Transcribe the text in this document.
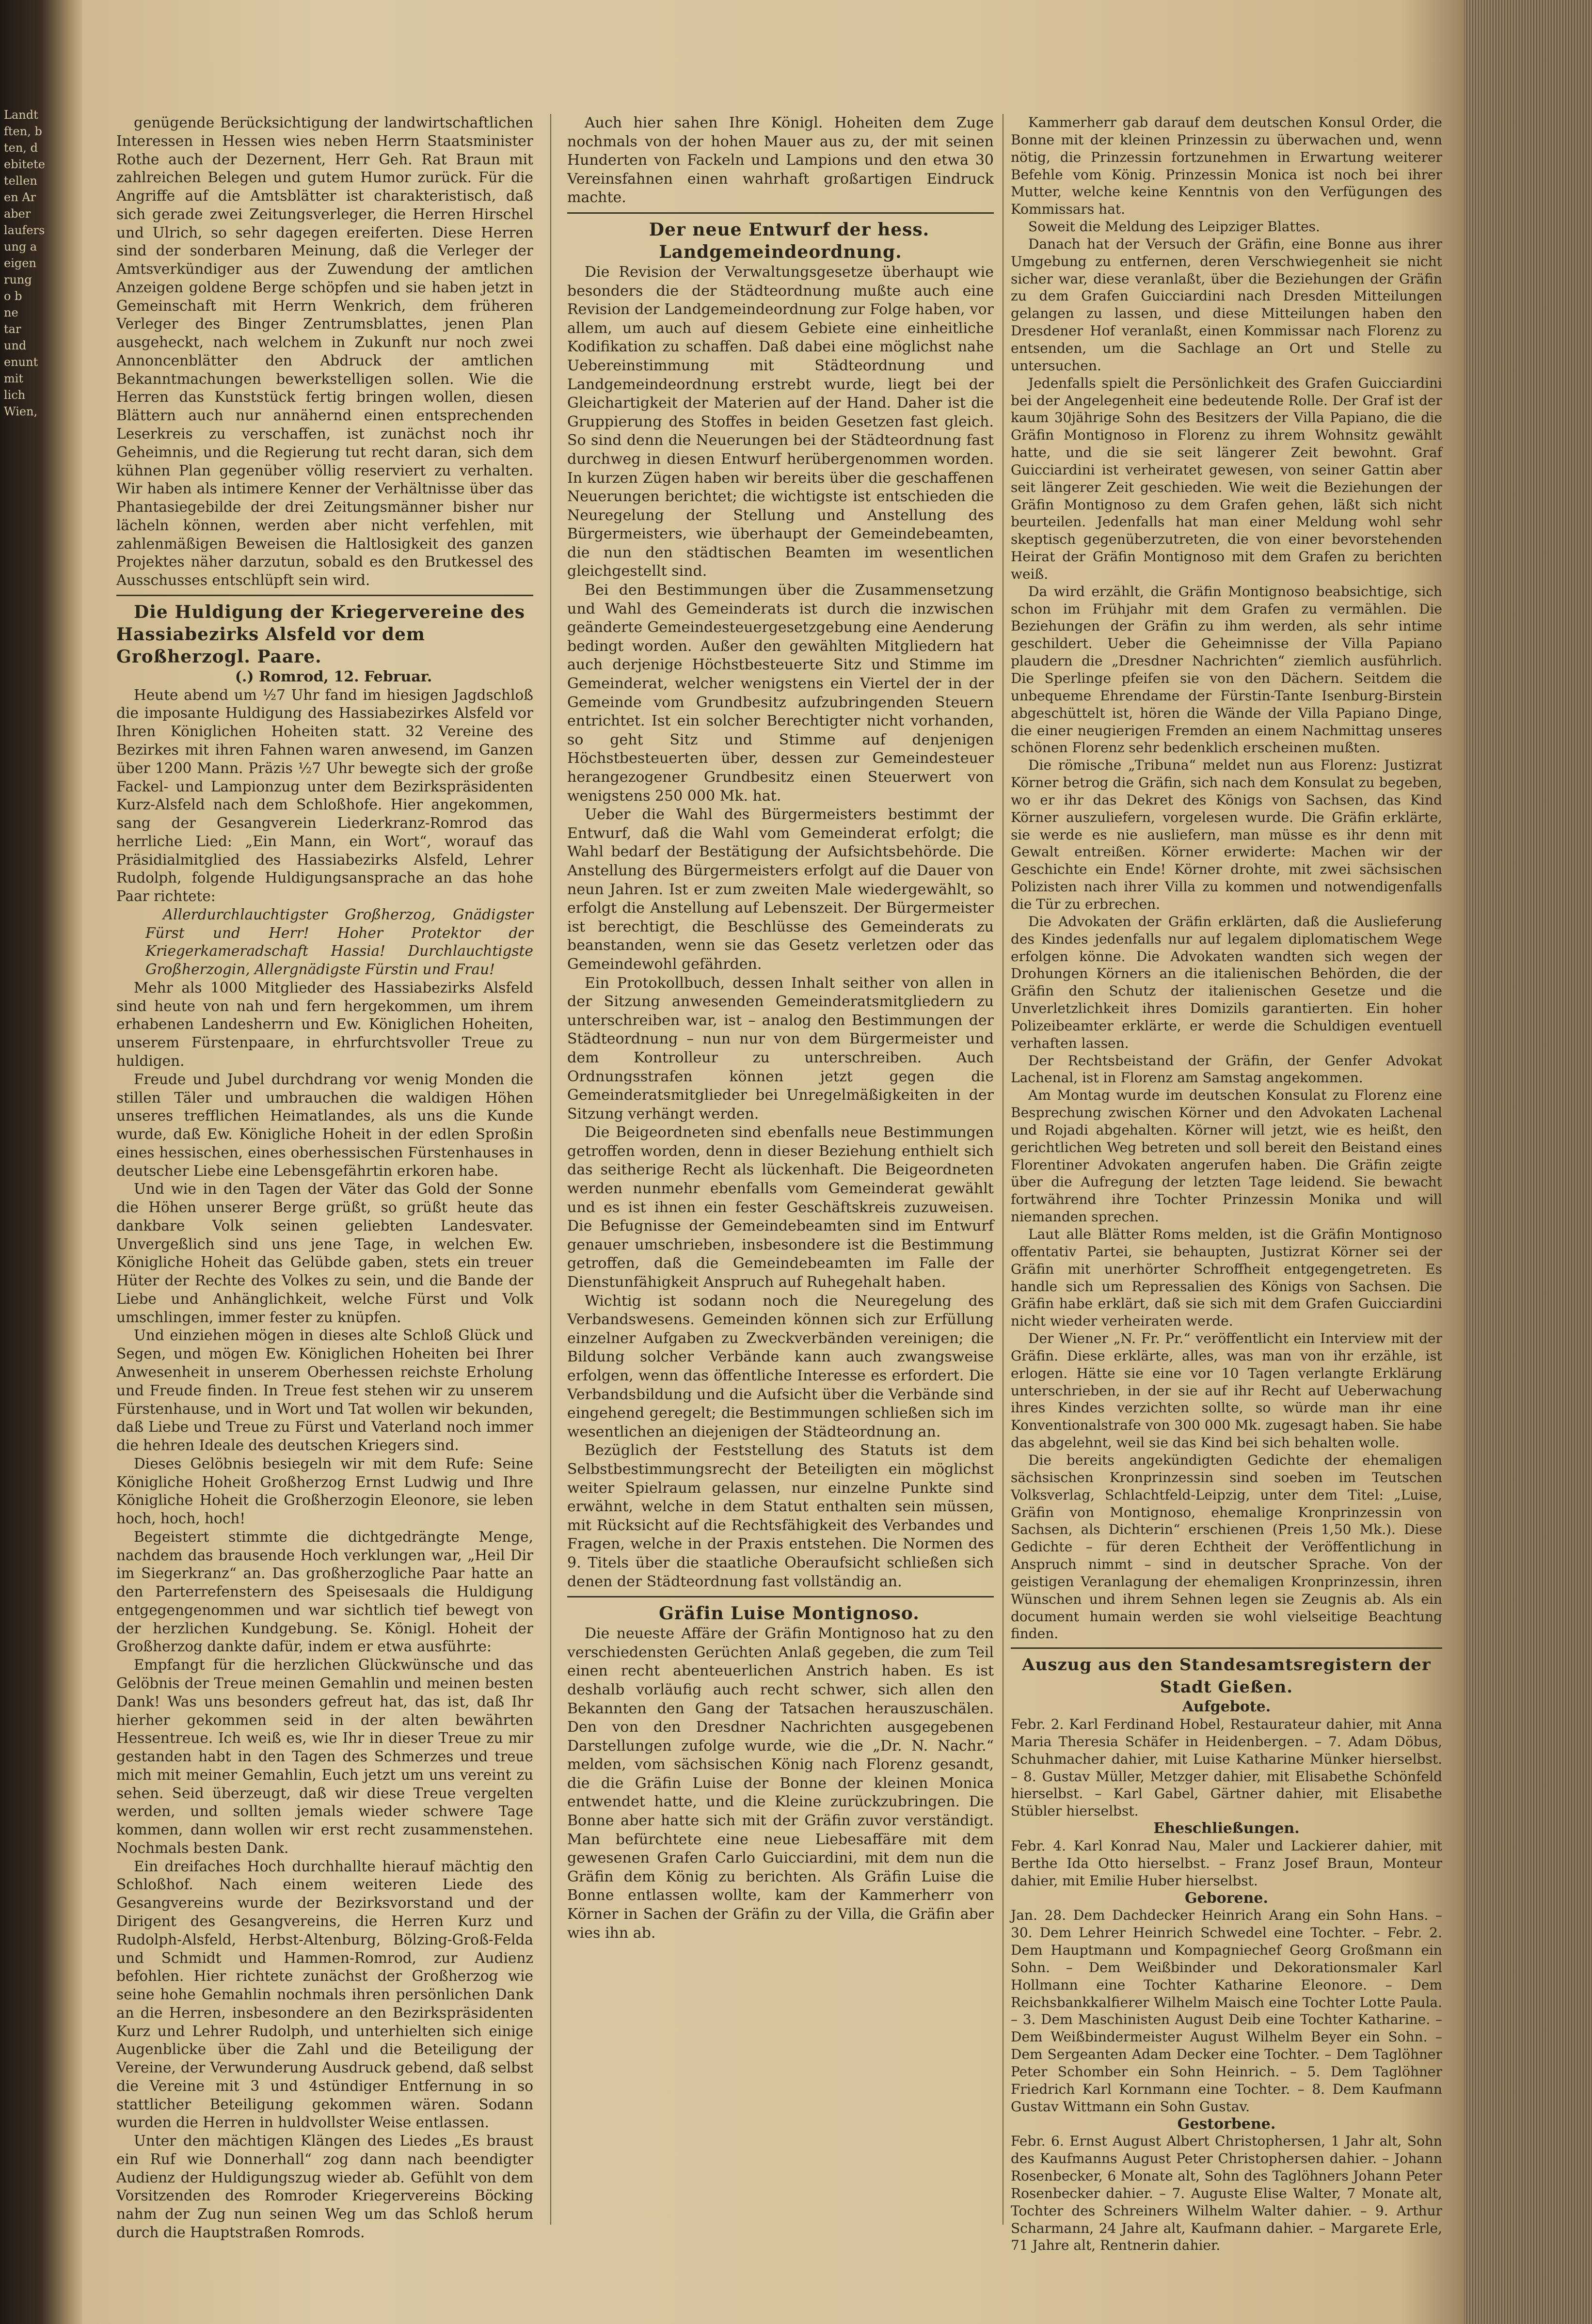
Landt
ften, b
ten, d
ebitete
tellen
en Ar
aber
laufers
ung a
eigen
rung
o b
ne
tar
und
enunt
mit
lich
Wien,

genügende Berücksichtigung der landwirtschaftlichen Interessen in Hessen wies neben Herrn Staatsminister Rothe auch der Dezernent, Herr Geh. Rat Braun mit zahlreichen Belegen und gutem Humor zurück. Für die Angriffe auf die Amtsblätter ist charakteristisch, daß sich gerade zwei Zeitungsverleger, die Herren Hirschel und Ulrich, so sehr dagegen ereiferten. Diese Herren sind der sonderbaren Meinung, daß die Verleger der Amtsverkündiger aus der Zuwendung der amtlichen Anzeigen goldene Berge schöpfen und sie haben jetzt in Gemeinschaft mit Herrn Wenkrich, dem früheren Verleger des Binger Zentrumsblattes, jenen Plan ausgeheckt, nach welchem in Zukunft nur noch zwei Annoncenblätter den Abdruck der amtlichen Bekanntmachungen bewerkstelligen sollen. Wie die Herren das Kunststück fertig bringen wollen, diesen Blättern auch nur annähernd einen entsprechenden Leserkreis zu verschaffen, ist zunächst noch ihr Geheimnis, und die Regierung tut recht daran, sich dem kühnen Plan gegenüber völlig reserviert zu verhalten. Wir haben als intimere Kenner der Verhältnisse über das Phantasiegebilde der drei Zeitungsmänner bisher nur lächeln können, werden aber nicht verfehlen, mit zahlenmäßigen Beweisen die Haltlosigkeit des ganzen Projektes näher darzutun, sobald es den Brutkessel des Ausschusses entschlüpft sein wird.

Die Huldigung der Kriegervereine des Hassiabezirks Alsfeld vor dem Großherzogl. Paare.

(.) Romrod, 12. Februar.

Heute abend um ½7 Uhr fand im hiesigen Jagdschloß die imposante Huldigung des Hassiabezirkes Alsfeld vor Ihren Königlichen Hoheiten statt. 32 Vereine des Bezirkes mit ihren Fahnen waren anwesend, im Ganzen über 1200 Mann. Präzis ½7 Uhr bewegte sich der große Fackel- und Lampionzug unter dem Bezirkspräsidenten Kurz-Alsfeld nach dem Schloßhofe. Hier angekommen, sang der Gesangverein Liederkranz-Romrod das herrliche Lied: „Ein Mann, ein Wort“, worauf das Präsidialmitglied des Hassiabezirks Alsfeld, Lehrer Rudolph, folgende Huldigungsansprache an das hohe Paar richtete:

Allerdurchlauchtigster Großherzog, Gnädigster Fürst und Herr! Hoher Protektor der Kriegerkameradschaft Hassia! Durchlauchtigste Großherzogin, Allergnädigste Fürstin und Frau!

Mehr als 1000 Mitglieder des Hassiabezirks Alsfeld sind heute von nah und fern hergekommen, um ihrem erhabenen Landesherrn und Ew. Königlichen Hoheiten, unserem Fürstenpaare, in ehrfurchtsvoller Treue zu huldigen.

Freude und Jubel durchdrang vor wenig Monden die stillen Täler und umbrauchen die waldigen Höhen unseres trefflichen Heimatlandes, als uns die Kunde wurde, daß Ew. Königliche Hoheit in der edlen Sproßin eines hessischen, eines oberhessischen Fürstenhauses in deutscher Liebe eine Lebensgefährtin erkoren habe.

Und wie in den Tagen der Väter das Gold der Sonne die Höhen unserer Berge grüßt, so grüßt heute das dankbare Volk seinen geliebten Landesvater. Unvergeßlich sind uns jene Tage, in welchen Ew. Königliche Hoheit das Gelübde gaben, stets ein treuer Hüter der Rechte des Volkes zu sein, und die Bande der Liebe und Anhänglichkeit, welche Fürst und Volk umschlingen, immer fester zu knüpfen.

Und einziehen mögen in dieses alte Schloß Glück und Segen, und mögen Ew. Königlichen Hoheiten bei Ihrer Anwesenheit in unserem Oberhessen reichste Erholung und Freude finden. In Treue fest stehen wir zu unserem Fürstenhause, und in Wort und Tat wollen wir bekunden, daß Liebe und Treue zu Fürst und Vaterland noch immer die hehren Ideale des deutschen Kriegers sind.

Dieses Gelöbnis besiegeln wir mit dem Rufe: Seine Königliche Hoheit Großherzog Ernst Ludwig und Ihre Königliche Hoheit die Großherzogin Eleonore, sie leben hoch, hoch, hoch!

Begeistert stimmte die dichtgedrängte Menge, nachdem das brausende Hoch verklungen war, „Heil Dir im Siegerkranz“ an. Das großherzogliche Paar hatte an den Parterrefenstern des Speisesaals die Huldigung entgegengenommen und war sichtlich tief bewegt von der herzlichen Kundgebung. Se. Königl. Hoheit der Großherzog dankte dafür, indem er etwa ausführte:

Empfangt für die herzlichen Glückwünsche und das Gelöbnis der Treue meinen Gemahlin und meinen besten Dank! Was uns besonders gefreut hat, das ist, daß Ihr hierher gekommen seid in der alten bewährten Hessentreue. Ich weiß es, wie Ihr in dieser Treue zu mir gestanden habt in den Tagen des Schmerzes und treue mich mit meiner Gemahlin, Euch jetzt um uns vereint zu sehen. Seid überzeugt, daß wir diese Treue vergelten werden, und sollten jemals wieder schwere Tage kommen, dann wollen wir erst recht zusammenstehen. Nochmals besten Dank.

Ein dreifaches Hoch durchhallte hierauf mächtig den Schloßhof. Nach einem weiteren Liede des Gesangvereins wurde der Bezirksvorstand und der Dirigent des Gesangvereins, die Herren Kurz und Rudolph-Alsfeld, Herbst-Altenburg, Bölzing-Groß-Felda und Schmidt und Hammen-Romrod, zur Audienz befohlen. Hier richtete zunächst der Großherzog wie seine hohe Gemahlin nochmals ihren persönlichen Dank an die Herren, insbesondere an den Bezirkspräsidenten Kurz und Lehrer Rudolph, und unterhielten sich einige Augenblicke über die Zahl und die Beteiligung der Vereine, der Verwunderung Ausdruck gebend, daß selbst die Vereine mit 3 und 4stündiger Entfernung in so stattlicher Beteiligung gekommen wären. Sodann wurden die Herren in huldvollster Weise entlassen.

Unter den mächtigen Klängen des Liedes „Es braust ein Ruf wie Donnerhall“ zog dann nach beendigter Audienz der Huldigungszug wieder ab. Gefühlt von dem Vorsitzenden des Romroder Kriegervereins Böcking nahm der Zug nun seinen Weg um das Schloß herum durch die Hauptstraßen Romrods.

Auch hier sahen Ihre Königl. Hoheiten dem Zuge nochmals von der hohen Mauer aus zu, der mit seinen Hunderten von Fackeln und Lampions und den etwa 30 Vereinsfahnen einen wahrhaft großartigen Eindruck machte.

Der neue Entwurf der hess. Landgemeindeordnung.

Die Revision der Verwaltungsgesetze überhaupt wie besonders die der Städteordnung mußte auch eine Revision der Landgemeindeordnung zur Folge haben, vor allem, um auch auf diesem Gebiete eine einheitliche Kodifikation zu schaffen. Daß dabei eine möglichst nahe Uebereinstimmung mit Städteordnung und Landgemeindeordnung erstrebt wurde, liegt bei der Gleichartigkeit der Materien auf der Hand. Daher ist die Gruppierung des Stoffes in beiden Gesetzen fast gleich. So sind denn die Neuerungen bei der Städteordnung fast durchweg in diesen Entwurf herübergenommen worden. In kurzen Zügen haben wir bereits über die geschaffenen Neuerungen berichtet; die wichtigste ist entschieden die Neuregelung der Stellung und Anstellung des Bürgermeisters, wie überhaupt der Gemeindebeamten, die nun den städtischen Beamten im wesentlichen gleichgestellt sind.

Bei den Bestimmungen über die Zusammensetzung und Wahl des Gemeinderats ist durch die inzwischen geänderte Gemeindesteuergesetzgebung eine Aenderung bedingt worden. Außer den gewählten Mitgliedern hat auch derjenige Höchstbesteuerte Sitz und Stimme im Gemeinderat, welcher wenigstens ein Viertel der in der Gemeinde vom Grundbesitz aufzubringenden Steuern entrichtet. Ist ein solcher Berechtigter nicht vorhanden, so geht Sitz und Stimme auf denjenigen Höchstbesteuerten über, dessen zur Gemeindesteuer herangezogener Grundbesitz einen Steuerwert von wenigstens 250 000 Mk. hat.

Ueber die Wahl des Bürgermeisters bestimmt der Entwurf, daß die Wahl vom Gemeinderat erfolgt; die Wahl bedarf der Bestätigung der Aufsichtsbehörde. Die Anstellung des Bürgermeisters erfolgt auf die Dauer von neun Jahren. Ist er zum zweiten Male wiedergewählt, so erfolgt die Anstellung auf Lebenszeit. Der Bürgermeister ist berechtigt, die Beschlüsse des Gemeinderats zu beanstanden, wenn sie das Gesetz verletzen oder das Gemeindewohl gefährden.

Ein Protokollbuch, dessen Inhalt seither von allen in der Sitzung anwesenden Gemeinderatsmitgliedern zu unterschreiben war, ist – analog den Bestimmungen der Städteordnung – nun nur von dem Bürgermeister und dem Kontrolleur zu unterschreiben. Auch Ordnungsstrafen können jetzt gegen die Gemeinderatsmitglieder bei Unregelmäßigkeiten in der Sitzung verhängt werden.

Die Beigeordneten sind ebenfalls neue Bestimmungen getroffen worden, denn in dieser Beziehung enthielt sich das seitherige Recht als lückenhaft. Die Beigeordneten werden nunmehr ebenfalls vom Gemeinderat gewählt und es ist ihnen ein fester Geschäftskreis zuzuweisen. Die Befugnisse der Gemeindebeamten sind im Entwurf genauer umschrieben, insbesondere ist die Bestimmung getroffen, daß die Gemeindebeamten im Falle der Dienstunfähigkeit Anspruch auf Ruhegehalt haben.

Wichtig ist sodann noch die Neuregelung des Verbandswesens. Gemeinden können sich zur Erfüllung einzelner Aufgaben zu Zweckverbänden vereinigen; die Bildung solcher Verbände kann auch zwangsweise erfolgen, wenn das öffentliche Interesse es erfordert. Die Verbandsbildung und die Aufsicht über die Verbände sind eingehend geregelt; die Bestimmungen schließen sich im wesentlichen an diejenigen der Städteordnung an.

Bezüglich der Feststellung des Statuts ist dem Selbstbestimmungsrecht der Beteiligten ein möglichst weiter Spielraum gelassen, nur einzelne Punkte sind erwähnt, welche in dem Statut enthalten sein müssen, mit Rücksicht auf die Rechtsfähigkeit des Verbandes und Fragen, welche in der Praxis entstehen. Die Normen des 9. Titels über die staatliche Oberaufsicht schließen sich denen der Städteordnung fast vollständig an.

Gräfin Luise Montignoso.

Die neueste Affäre der Gräfin Montignoso hat zu den verschiedensten Gerüchten Anlaß gegeben, die zum Teil einen recht abenteuerlichen Anstrich haben. Es ist deshalb vorläufig auch recht schwer, sich allen den Bekannten den Gang der Tatsachen herauszuschälen. Den von den Dresdner Nachrichten ausgegebenen Darstellungen zufolge wurde, wie die „Dr. N. Nachr.“ melden, vom sächsischen König nach Florenz gesandt, die die Gräfin Luise der Bonne der kleinen Monica entwendet hatte, und die Kleine zurückzubringen. Die Bonne aber hatte sich mit der Gräfin zuvor verständigt. Man befürchtete eine neue Liebesaffäre mit dem gewesenen Grafen Carlo Guicciardini, mit dem nun die Gräfin dem König zu berichten. Als Gräfin Luise die Bonne entlassen wollte, kam der Kammerherr von Körner in Sachen der Gräfin zu der Villa, die Gräfin aber wies ihn ab.

Kammerherr gab darauf dem deutschen Konsul Order, die Bonne mit der kleinen Prinzessin zu überwachen und, wenn nötig, die Prinzessin fortzunehmen in Erwartung weiterer Befehle vom König. Prinzessin Monica ist noch bei ihrer Mutter, welche keine Kenntnis von den Verfügungen des Kommissars hat.

Soweit die Meldung des Leipziger Blattes.

Danach hat der Versuch der Gräfin, eine Bonne aus ihrer Umgebung zu entfernen, deren Verschwiegenheit sie nicht sicher war, diese veranlaßt, über die Beziehungen der Gräfin zu dem Grafen Guicciardini nach Dresden Mitteilungen gelangen zu lassen, und diese Mitteilungen haben den Dresdener Hof veranlaßt, einen Kommissar nach Florenz zu entsenden, um die Sachlage an Ort und Stelle zu untersuchen.

Jedenfalls spielt die Persönlichkeit des Grafen Guicciardini bei der Angelegenheit eine bedeutende Rolle. Der Graf ist der kaum 30jährige Sohn des Besitzers der Villa Papiano, die die Gräfin Montignoso in Florenz zu ihrem Wohnsitz gewählt hatte, und die sie seit längerer Zeit bewohnt. Graf Guicciardini ist verheiratet gewesen, von seiner Gattin aber seit längerer Zeit geschieden. Wie weit die Beziehungen der Gräfin Montignoso zu dem Grafen gehen, läßt sich nicht beurteilen. Jedenfalls hat man einer Meldung wohl sehr skeptisch gegenüberzutreten, die von einer bevorstehenden Heirat der Gräfin Montignoso mit dem Grafen zu berichten weiß.

Da wird erzählt, die Gräfin Montignoso beabsichtige, sich schon im Frühjahr mit dem Grafen zu vermählen. Die Beziehungen der Gräfin zu ihm werden, als sehr intime geschildert. Ueber die Geheimnisse der Villa Papiano plaudern die „Dresdner Nachrichten“ ziemlich ausführlich. Die Sperlinge pfeifen sie von den Dächern. Seitdem die unbequeme Ehrendame der Fürstin-Tante Isenburg-Birstein abgeschüttelt ist, hören die Wände der Villa Papiano Dinge, die einer neugierigen Fremden an einem Nachmittag unseres schönen Florenz sehr bedenklich erscheinen mußten.

Die römische „Tribuna“ meldet nun aus Florenz: Justizrat Körner betrog die Gräfin, sich nach dem Konsulat zu begeben, wo er ihr das Dekret des Königs von Sachsen, das Kind Körner auszuliefern, vorgelesen wurde. Die Gräfin erklärte, sie werde es nie ausliefern, man müsse es ihr denn mit Gewalt entreißen. Körner erwiderte: Machen wir der Geschichte ein Ende! Körner drohte, mit zwei sächsischen Polizisten nach ihrer Villa zu kommen und notwendigenfalls die Tür zu erbrechen.

Die Advokaten der Gräfin erklärten, daß die Auslieferung des Kindes jedenfalls nur auf legalem diplomatischem Wege erfolgen könne. Die Advokaten wandten sich wegen der Drohungen Körners an die italienischen Behörden, die der Gräfin den Schutz der italienischen Gesetze und die Unverletzlichkeit ihres Domizils garantierten. Ein hoher Polizeibeamter erklärte, er werde die Schuldigen eventuell verhaften lassen.

Der Rechtsbeistand der Gräfin, der Genfer Advokat Lachenal, ist in Florenz am Samstag angekommen.

Am Montag wurde im deutschen Konsulat zu Florenz eine Besprechung zwischen Körner und den Advokaten Lachenal und Rojadi abgehalten. Körner will jetzt, wie es heißt, den gerichtlichen Weg betreten und soll bereit den Beistand eines Florentiner Advokaten angerufen haben. Die Gräfin zeigte über die Aufregung der letzten Tage leidend. Sie bewacht fortwährend ihre Tochter Prinzessin Monika und will niemanden sprechen.

Laut alle Blätter Roms melden, ist die Gräfin Montignoso offentativ Partei, sie behaupten, Justizrat Körner sei der Gräfin mit unerhörter Schroffheit entgegengetreten. Es handle sich um Repressalien des Königs von Sachsen. Die Gräfin habe erklärt, daß sie sich mit dem Grafen Guicciardini nicht wieder verheiraten werde.

Der Wiener „N. Fr. Pr.“ veröffentlicht ein Interview mit der Gräfin. Diese erklärte, alles, was man von ihr erzähle, ist erlogen. Hätte sie eine vor 10 Tagen verlangte Erklärung unterschrieben, in der sie auf ihr Recht auf Ueberwachung ihres Kindes verzichten sollte, so würde man ihr eine Konventionalstrafe von 300 000 Mk. zugesagt haben. Sie habe das abgelehnt, weil sie das Kind bei sich behalten wolle.

Die bereits angekündigten Gedichte der ehemaligen sächsischen Kronprinzessin sind soeben im Teutschen Volksverlag, Schlachtfeld-Leipzig, unter dem Titel: „Luise, Gräfin von Montignoso, ehemalige Kronprinzessin von Sachsen, als Dichterin“ erschienen (Preis 1,50 Mk.). Diese Gedichte – für deren Echtheit der Veröffentlichung in Anspruch nimmt – sind in deutscher Sprache. Von der geistigen Veranlagung der ehemaligen Kronprinzessin, ihren Wünschen und ihrem Sehnen legen sie Zeugnis ab. Als ein document humain werden sie wohl vielseitige Beachtung finden.

Auszug aus den Standesamtsregistern der Stadt Gießen.

Aufgebote.

Febr. 2. Karl Ferdinand Hobel, Restaurateur dahier, mit Anna Maria Theresia Schäfer in Heidenbergen. – 7. Adam Döbus, Schuhmacher dahier, mit Luise Katharine Münker hierselbst. – 8. Gustav Müller, Metzger dahier, mit Elisabethe Schönfeld hierselbst. – Karl Gabel, Gärtner dahier, mit Elisabethe Stübler hierselbst.

Eheschließungen.

Febr. 4. Karl Konrad Nau, Maler und Lackierer dahier, mit Berthe Ida Otto hierselbst. – Franz Josef Braun, Monteur dahier, mit Emilie Huber hierselbst.

Geborene.

Jan. 28. Dem Dachdecker Heinrich Arang ein Sohn Hans. – 30. Dem Lehrer Heinrich Schwedel eine Tochter. – Febr. 2. Dem Hauptmann und Kompagniechef Georg Großmann ein Sohn. – Dem Weißbinder und Dekorationsmaler Karl Hollmann eine Tochter Katharine Eleonore. – Dem Reichsbankkalfierer Wilhelm Maisch eine Tochter Lotte Paula. – 3. Dem Maschinisten August Deib eine Tochter Katharine. – Dem Weißbindermeister August Wilhelm Beyer ein Sohn. – Dem Sergeanten Adam Decker eine Tochter. – Dem Taglöhner Peter Schomber ein Sohn Heinrich. – 5. Dem Taglöhner Friedrich Karl Kornmann eine Tochter. – 8. Dem Kaufmann Gustav Wittmann ein Sohn Gustav.

Gestorbene.

Febr. 6. Ernst August Albert Christophersen, 1 Jahr alt, Sohn des Kaufmanns August Peter Christophersen dahier. – Johann Rosenbecker, 6 Monate alt, Sohn des Taglöhners Johann Peter Rosenbecker dahier. – 7. Auguste Elise Walter, 7 Monate alt, Tochter des Schreiners Wilhelm Walter dahier. – 9. Arthur Scharmann, 24 Jahre alt, Kaufmann dahier. – Margarete Erle, 71 Jahre alt, Rentnerin dahier.
